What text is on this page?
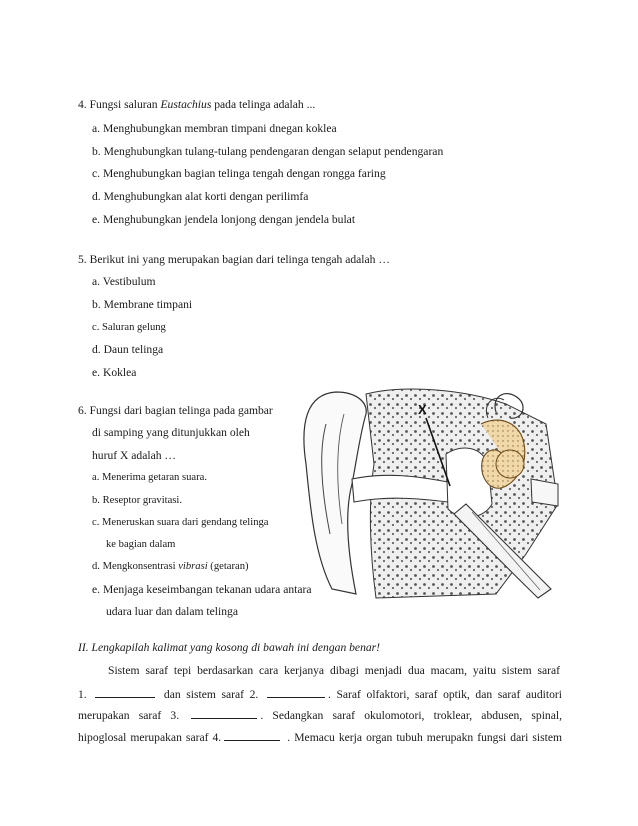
4. Fungsi saluran Eustachius pada telinga adalah ...
a. Menghubungkan membran timpani dnegan koklea
b. Menghubungkan tulang-tulang pendengaran dengan selaput pendengaran
c. Menghubungkan bagian telinga tengah dengan rongga faring
d. Menghubungkan alat korti dengan perilimfa
e. Menghubungkan jendela lonjong dengan jendela bulat
5. Berikut ini yang merupakan bagian dari telinga tengah adalah …
a. Vestibulum
b. Membrane timpani
c. Saluran gelung
d. Daun telinga
e. Koklea
6. Fungsi dari bagian telinga pada gambar
di samping yang ditunjukkan oleh
huruf X adalah …
a. Menerima getaran suara.
b. Reseptor gravitasi.
c. Meneruskan suara dari gendang telinga
ke bagian dalam
d. Mengkonsentrasi vibrasi (getaran)
e. Menjaga keseimbangan tekanan udara antara
udara luar dan dalam telinga
X
II. Lengkapilah kalimat yang kosong di bawah ini dengan benar!
Sistem saraf tepi berdasarkan cara kerjanya dibagi menjadi dua macam, yaitu sistem saraf
1.	dan sistem saraf 2.	. Saraf olfaktori, saraf optik, dan saraf auditori
merupakan saraf 3.	. Sedangkan saraf okulomotori, troklear, abdusen, spinal,
hipoglosal merupakan saraf 4.	. Memacu kerja organ tubuh merupakn fungsi dari sistem
